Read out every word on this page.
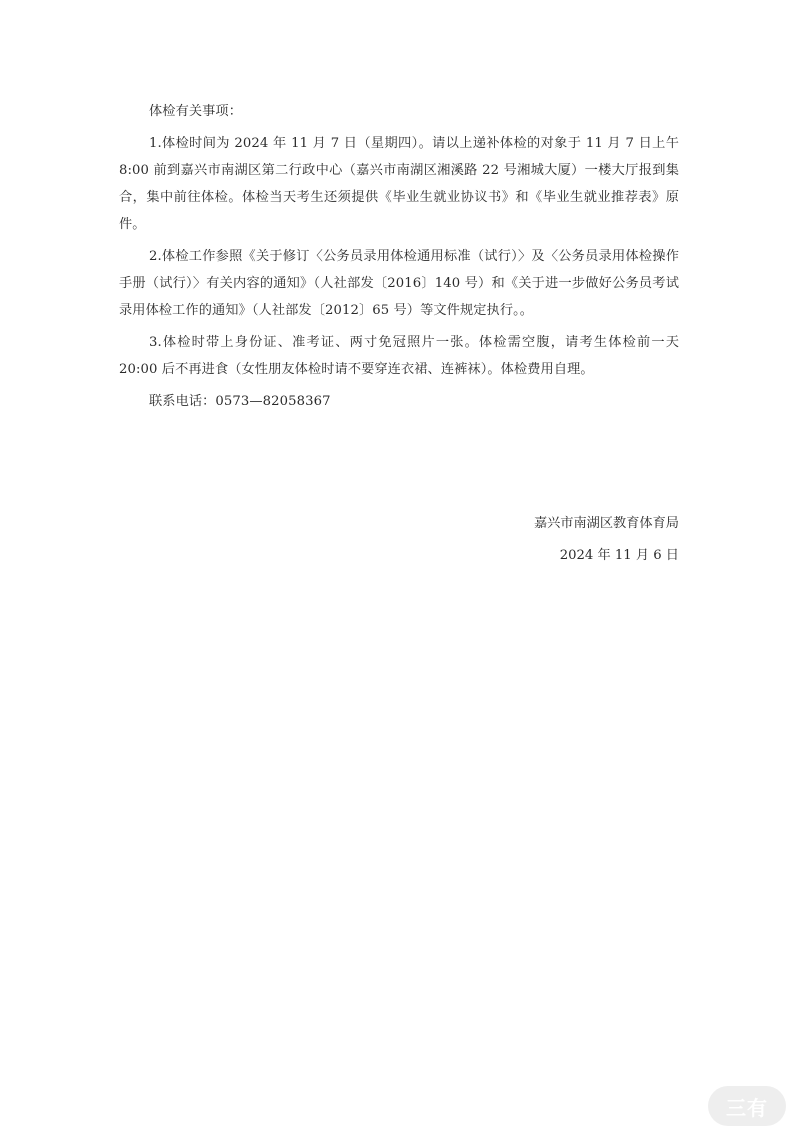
体检有关事项：

1.体检时间为 2024 年 11 月 7 日（星期四）。请以上递补体检的对象于 11 月 7 日上午 8:00 前到嘉兴市南湖区第二行政中心（嘉兴市南湖区湘溪路 22 号湘城大厦）一楼大厅报到集合，集中前往体检。体检当天考生还须提供《毕业生就业协议书》和《毕业生就业推荐表》原件。

2.体检工作参照《关于修订〈公务员录用体检通用标准（试行）〉及〈公务员录用体检操作手册（试行）〉有关内容的通知》（人社部发〔2016〕140 号）和《关于进一步做好公务员考试录用体检工作的通知》（人社部发〔2012〕65 号）等文件规定执行。。

3.体检时带上身份证、准考证、两寸免冠照片一张。体检需空腹，请考生体检前一天 20:00 后不再进食（女性朋友体检时请不要穿连衣裙、连裤袜）。体检费用自理。

联系电话：0573—82058367

嘉兴市南湖区教育体育局
2024 年 11 月 6 日
三有
